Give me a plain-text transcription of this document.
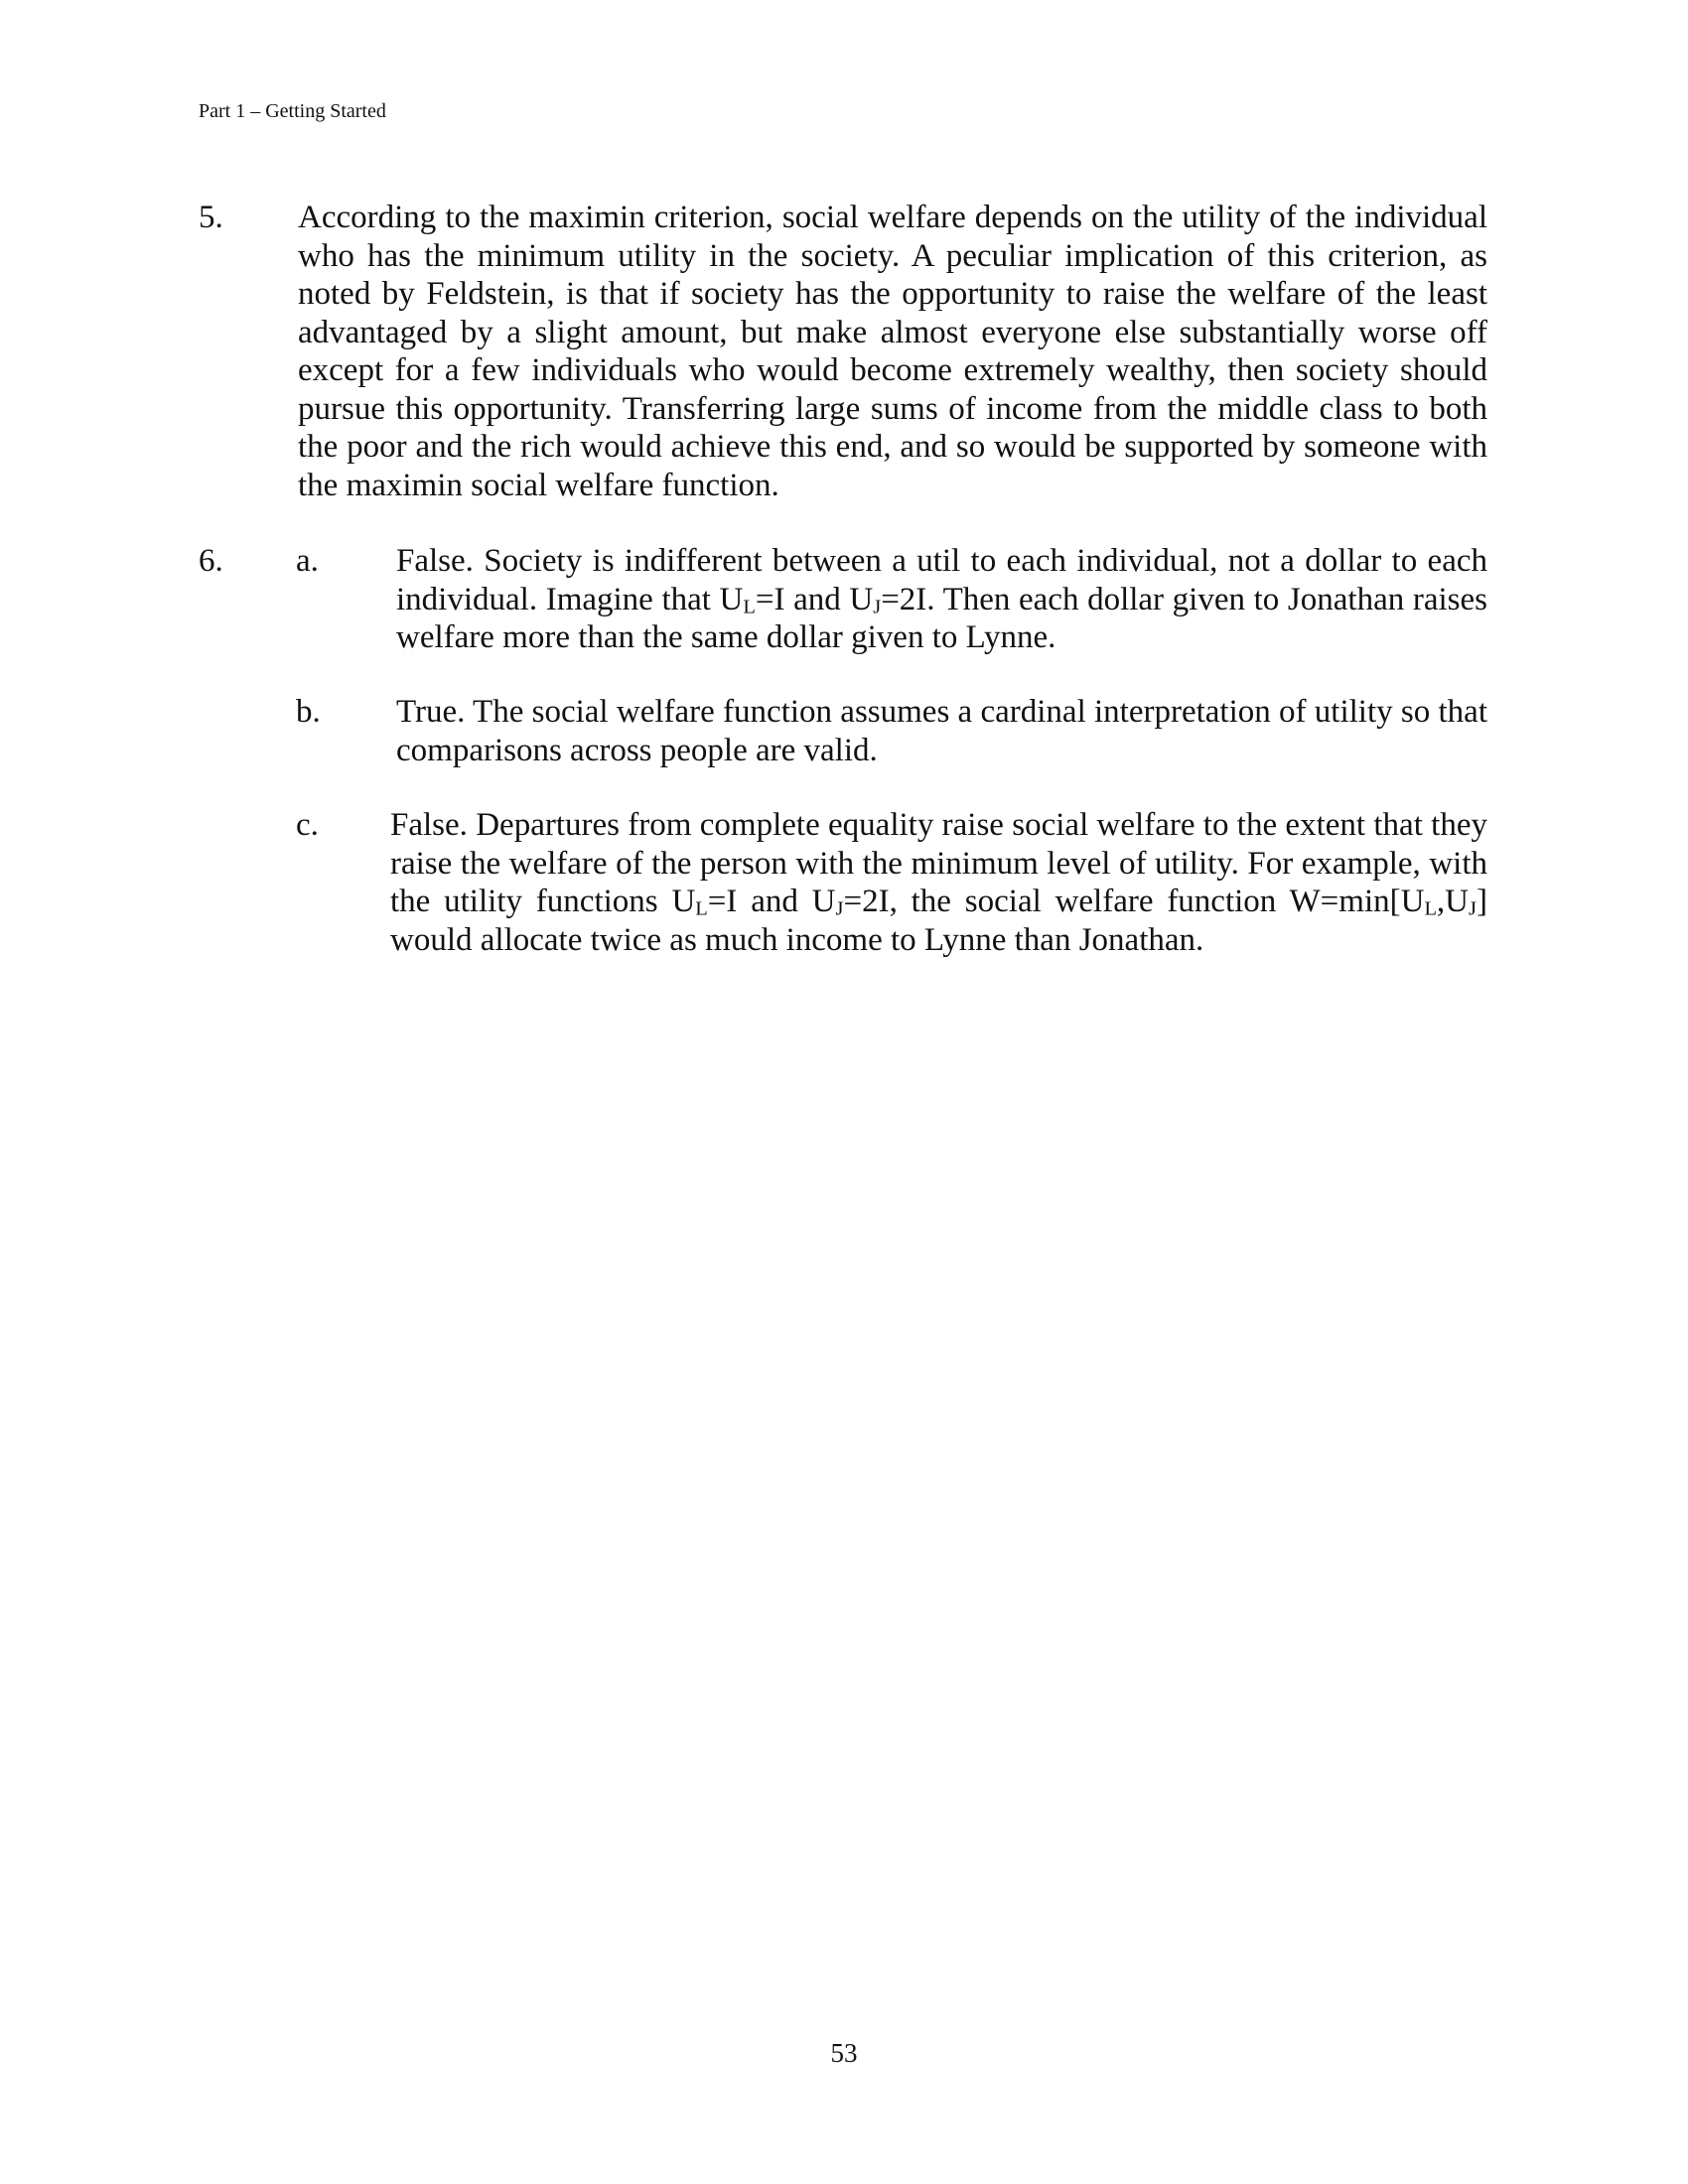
Part 1 – Getting Started
5. According to the maximin criterion, social welfare depends on the utility of the individual who has the minimum utility in the society. A peculiar implication of this criterion, as noted by Feldstein, is that if society has the opportunity to raise the welfare of the least advantaged by a slight amount, but make almost everyone else substantially worse off except for a few individuals who would become extremely wealthy, then society should pursue this opportunity. Transferring large sums of income from the middle class to both the poor and the rich would achieve this end, and so would be supported by someone with the maximin social welfare function.
6. a. False. Society is indifferent between a util to each individual, not a dollar to each individual. Imagine that $U_L=I$ and $U_J=2I$. Then each dollar given to Jonathan raises welfare more than the same dollar given to Lynne.
b. True. The social welfare function assumes a cardinal interpretation of utility so that comparisons across people are valid.
c. False. Departures from complete equality raise social welfare to the extent that they raise the welfare of the person with the minimum level of utility. For example, with the utility functions $U_L=I$ and $U_J=2I$, the social welfare function $W=\min[U_L,U_J]$ would allocate twice as much income to Lynne than Jonathan.
53
